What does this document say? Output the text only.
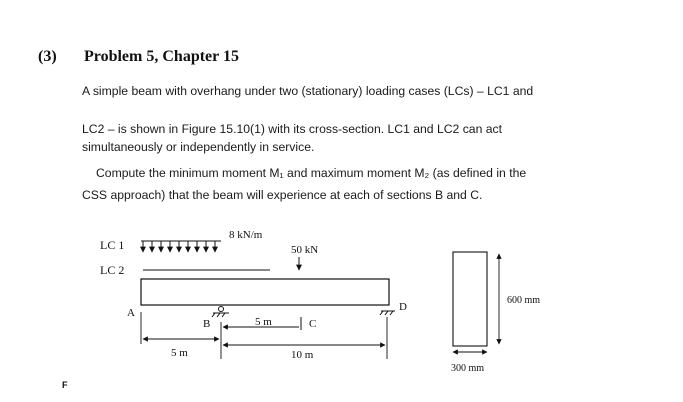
(3) Problem 5, Chapter 15
A simple beam with overhang under two (stationary) loading cases (LCs) – LC1 and
LC2 – is shown in Figure 15.10(1) with its cross-section. LC1 and LC2 can act
simultaneously or independently in service.
Compute the minimum moment M₁ and maximum moment M₂ (as defined in the
CSS approach) that the beam will experience at each of sections B and C.
LC 1
LC 2
8 kN/m
50 kN
A
B	C
D
5 m
5 m	10 m
600 mm
300 mm
F
